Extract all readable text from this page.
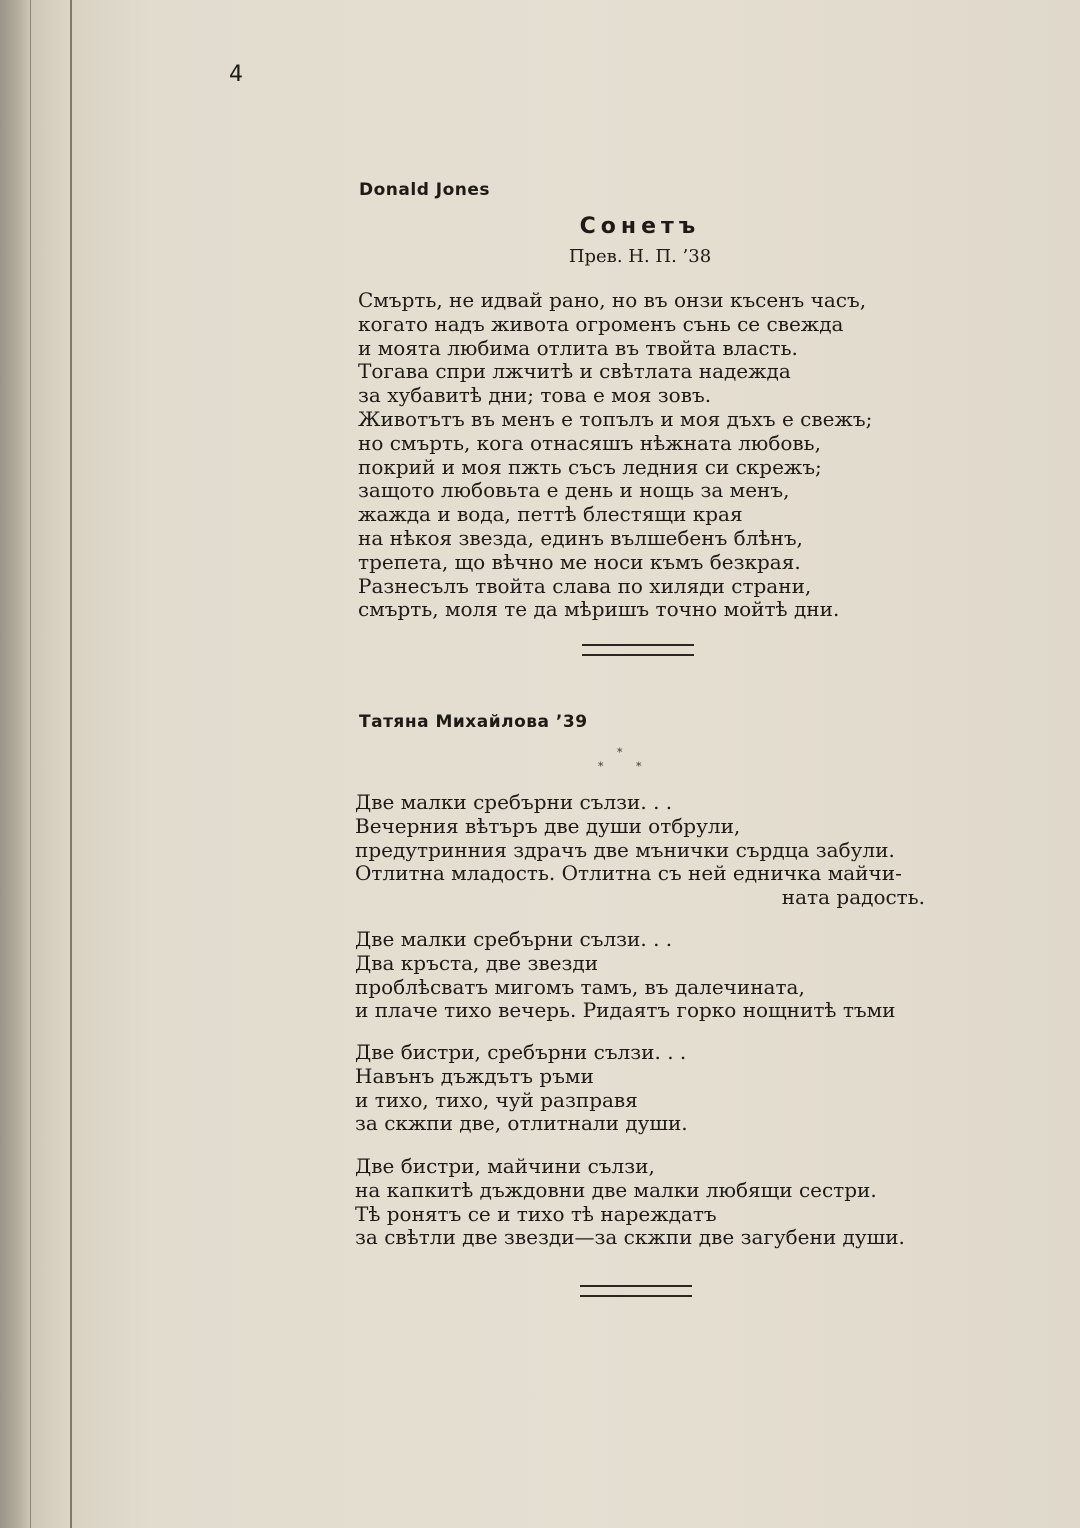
4
Donald Jones
Сонетъ
Прев. Н. П. ’38
Смърть, не идвай рано, но въ онзи късенъ часъ,
когато надъ живота огроменъ сънь се свежда
и моята любима отлита въ твойта власть.
Тогава спри лжчитѣ и свѣтлата надежда
за хубавитѣ дни; това е моя зовъ.
Животътъ въ менъ е топълъ и моя дъхъ е свежъ;
но смърть, кога отнасяшъ нѣжната любовь,
покрий и моя пжть съсъ ледния си скрежъ;
защото любовьта е день и нощь за менъ,
жажда и вода, петтѣ блестящи края
на нѣкоя звезда, единъ вълшебенъ блѣнъ,
трепета, що вѣчно ме носи къмъ безкрая.
Разнесълъ твойта слава по хиляди страни,
смърть, моля те да мѣришъ точно мойтѣ дни.
Татяна Михайлова ’39
*
*	*
Две малки сребърни сълзи. . .
Вечерния вѣтъръ две души отбрули,
предутринния здрачъ две мънички сърдца забули.
Отлитна младость. Отлитна съ ней едничка майчи-
ната радость.
Две малки сребърни сълзи. . .
Два кръста, две звезди
проблѣсватъ мигомъ тамъ, въ далечината,
и плаче тихо вечерь. Ридаятъ горко нощнитѣ тъми
Две бистри, сребърни сълзи. . .
Навънъ дъждътъ ръми
и тихо, тихо, чуй разправя
за скжпи две, отлитнали души.
Две бистри, майчини сълзи,
на капкитѣ дъждовни две малки любящи сестри.
Тѣ ронятъ се и тихо тѣ нареждатъ
за свѣтли две звезди—за скжпи две загубени души.
